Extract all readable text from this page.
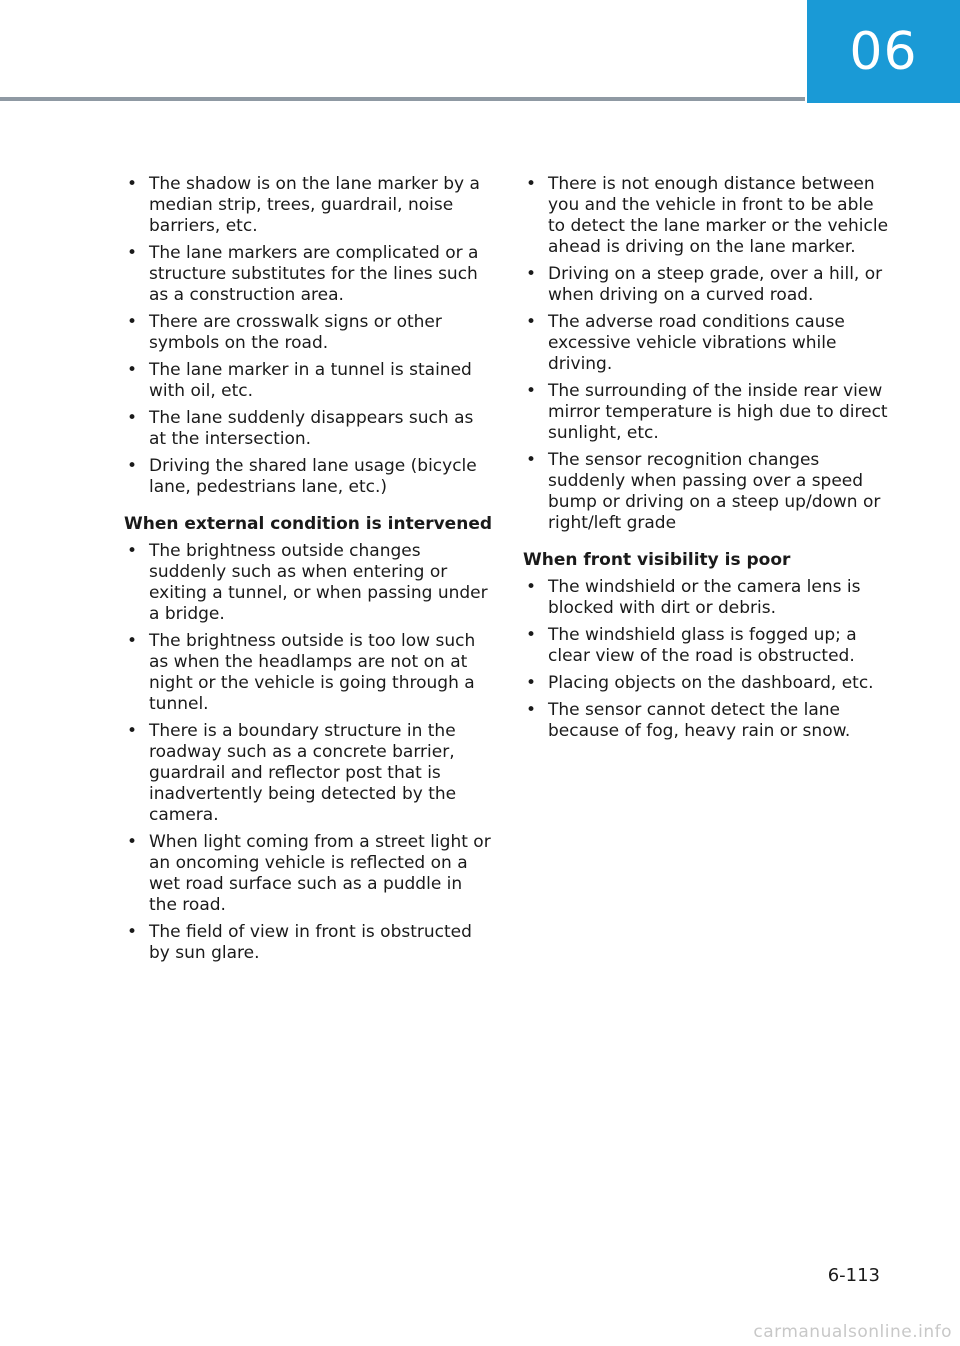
06
• The shadow is on the lane marker by a median strip, trees, guardrail, noise barriers, etc.
• The lane markers are complicated or a structure substitutes for the lines such as a construction area.
• There are crosswalk signs or other symbols on the road.
• The lane marker in a tunnel is stained with oil, etc.
• The lane suddenly disappears such as at the intersection.
• Driving the shared lane usage (bicycle lane, pedestrians lane, etc.)
When external condition is intervened
• The brightness outside changes suddenly such as when entering or exiting a tunnel, or when passing under a bridge.
• The brightness outside is too low such as when the headlamps are not on at night or the vehicle is going through a tunnel.
• There is a boundary structure in the roadway such as a concrete barrier, guardrail and reflector post that is inadvertently being detected by the camera.
• When light coming from a street light or an oncoming vehicle is reflected on a wet road surface such as a puddle in the road.
• The field of view in front is obstructed by sun glare.
• There is not enough distance between you and the vehicle in front to be able to detect the lane marker or the vehicle ahead is driving on the lane marker.
• Driving on a steep grade, over a hill, or when driving on a curved road.
• The adverse road conditions cause excessive vehicle vibrations while driving.
• The surrounding of the inside rear view mirror temperature is high due to direct sunlight, etc.
• The sensor recognition changes suddenly when passing over a speed bump or driving on a steep up/down or right/left grade
When front visibility is poor
• The windshield or the camera lens is blocked with dirt or debris.
• The windshield glass is fogged up; a clear view of the road is obstructed.
• Placing objects on the dashboard, etc.
• The sensor cannot detect the lane because of fog, heavy rain or snow.
6-113
carmanualsonline.info
